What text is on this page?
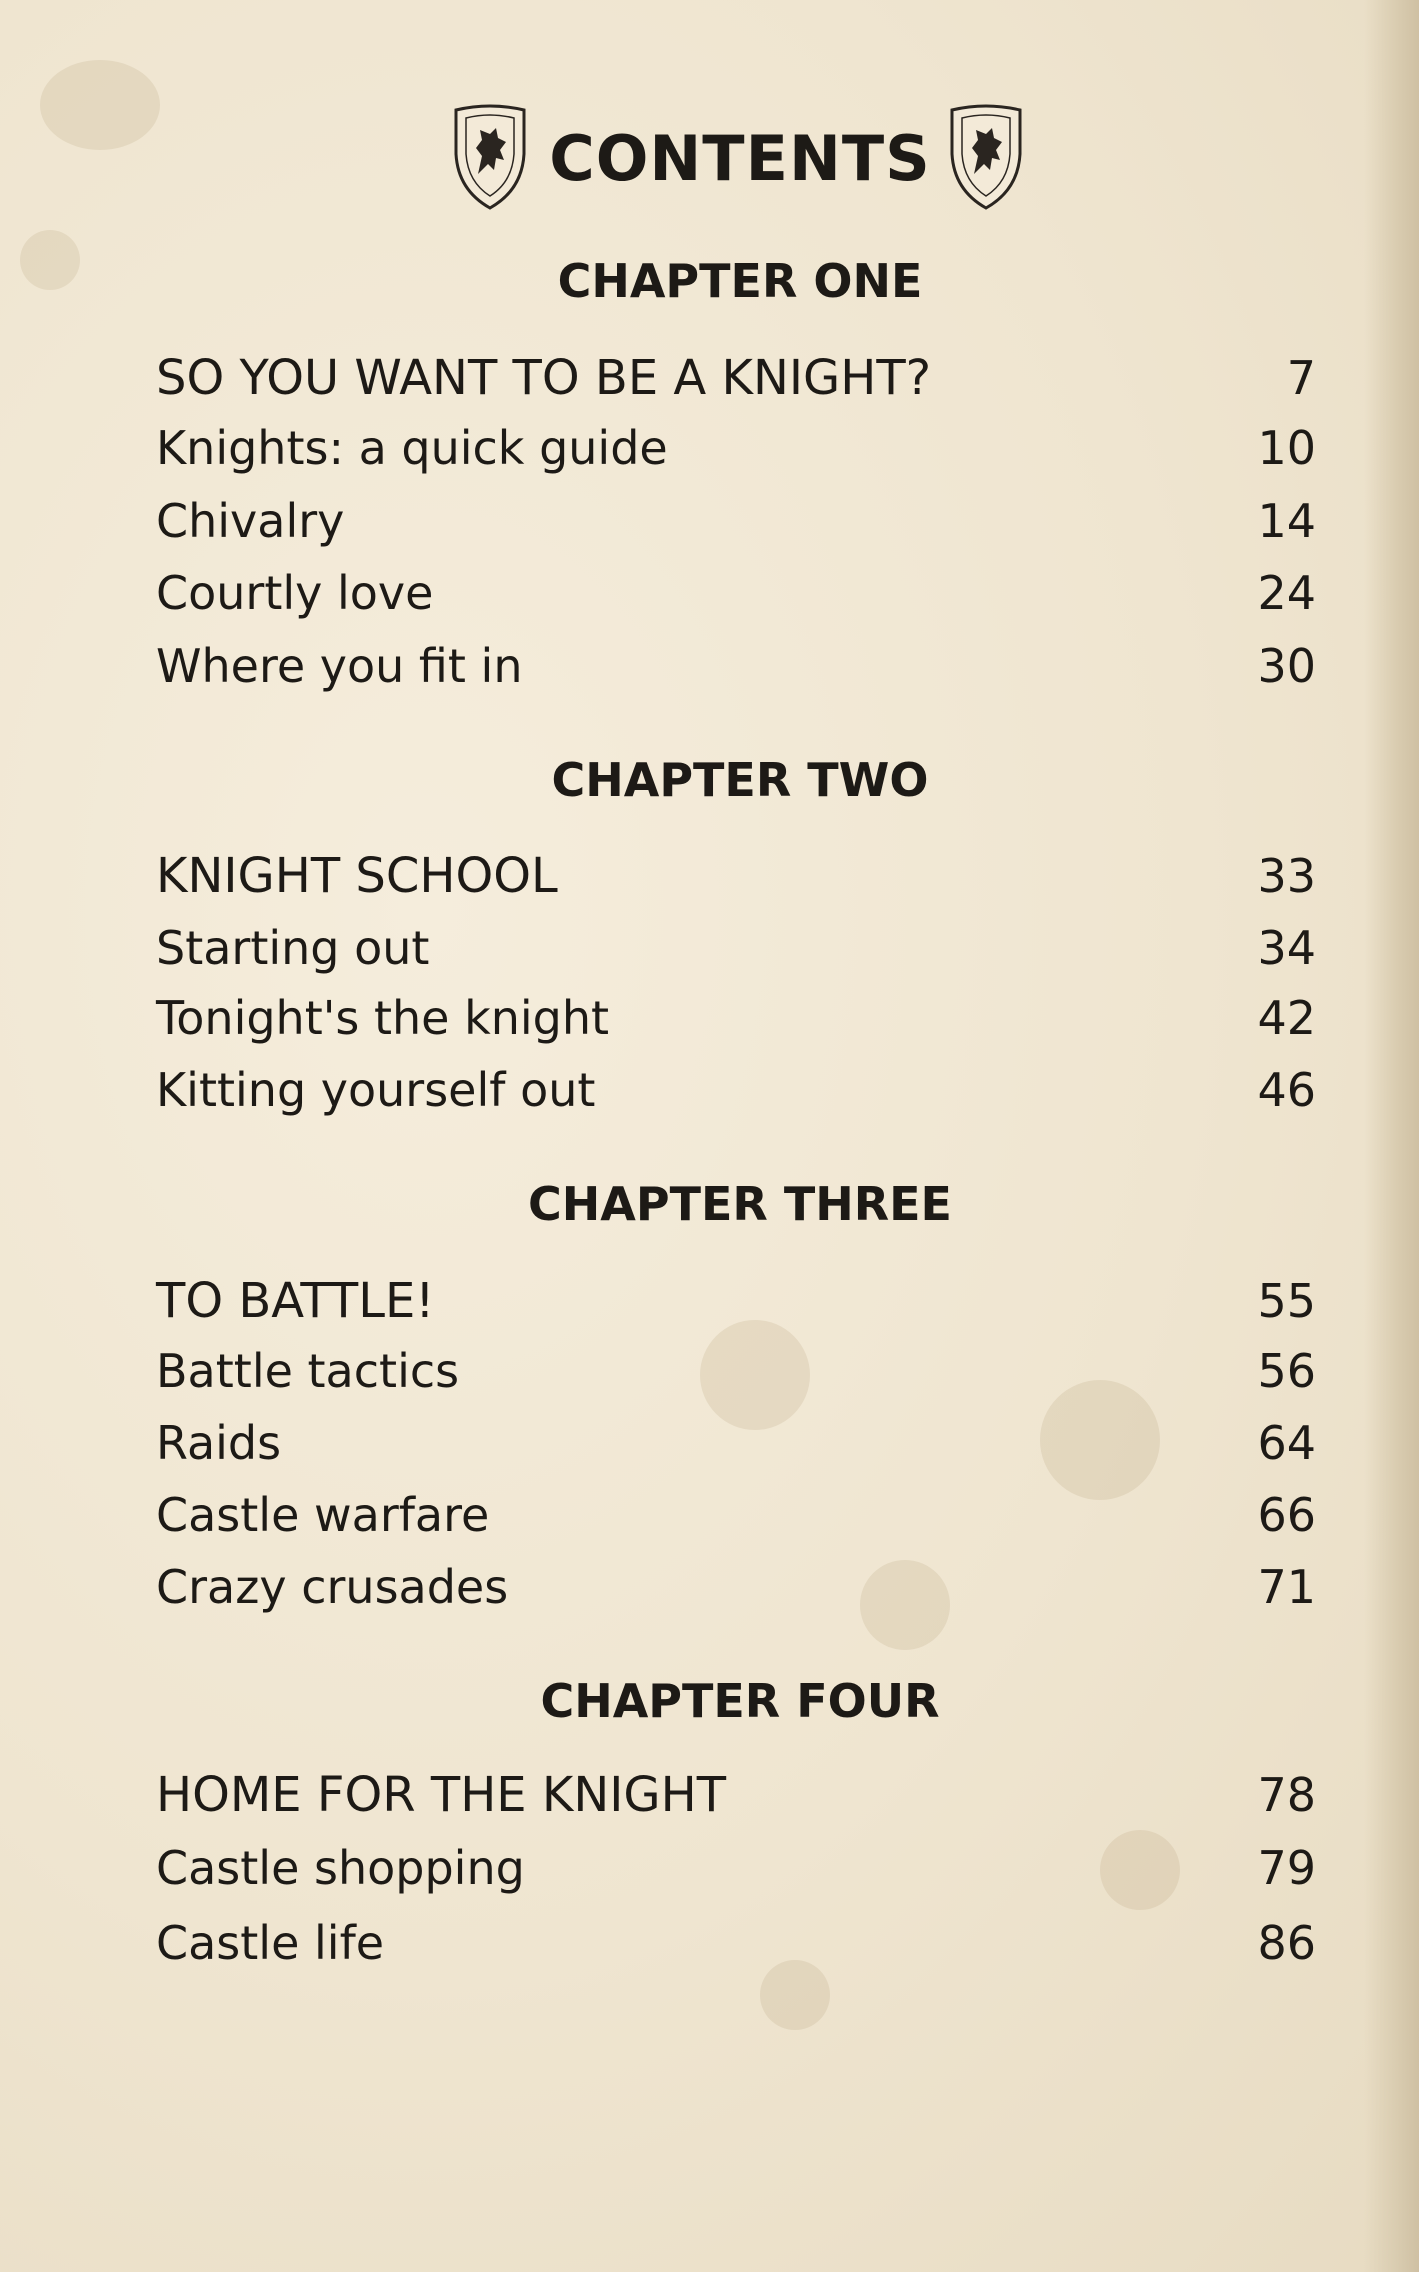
CONTENTS
CHAPTER ONE
SO YOU WANT TO BE A KNIGHT?	7
Knights: a quick guide	10
Chivalry	14
Courtly love	24
Where you fit in	30
CHAPTER TWO
KNIGHT SCHOOL	33
Starting out	34
Tonight's the knight	42
Kitting yourself out	46
CHAPTER THREE
TO BATTLE!	55
Battle tactics	56
Raids	64
Castle warfare	66
Crazy crusades	71
CHAPTER FOUR
HOME FOR THE KNIGHT	78
Castle shopping	79
Castle life	86
